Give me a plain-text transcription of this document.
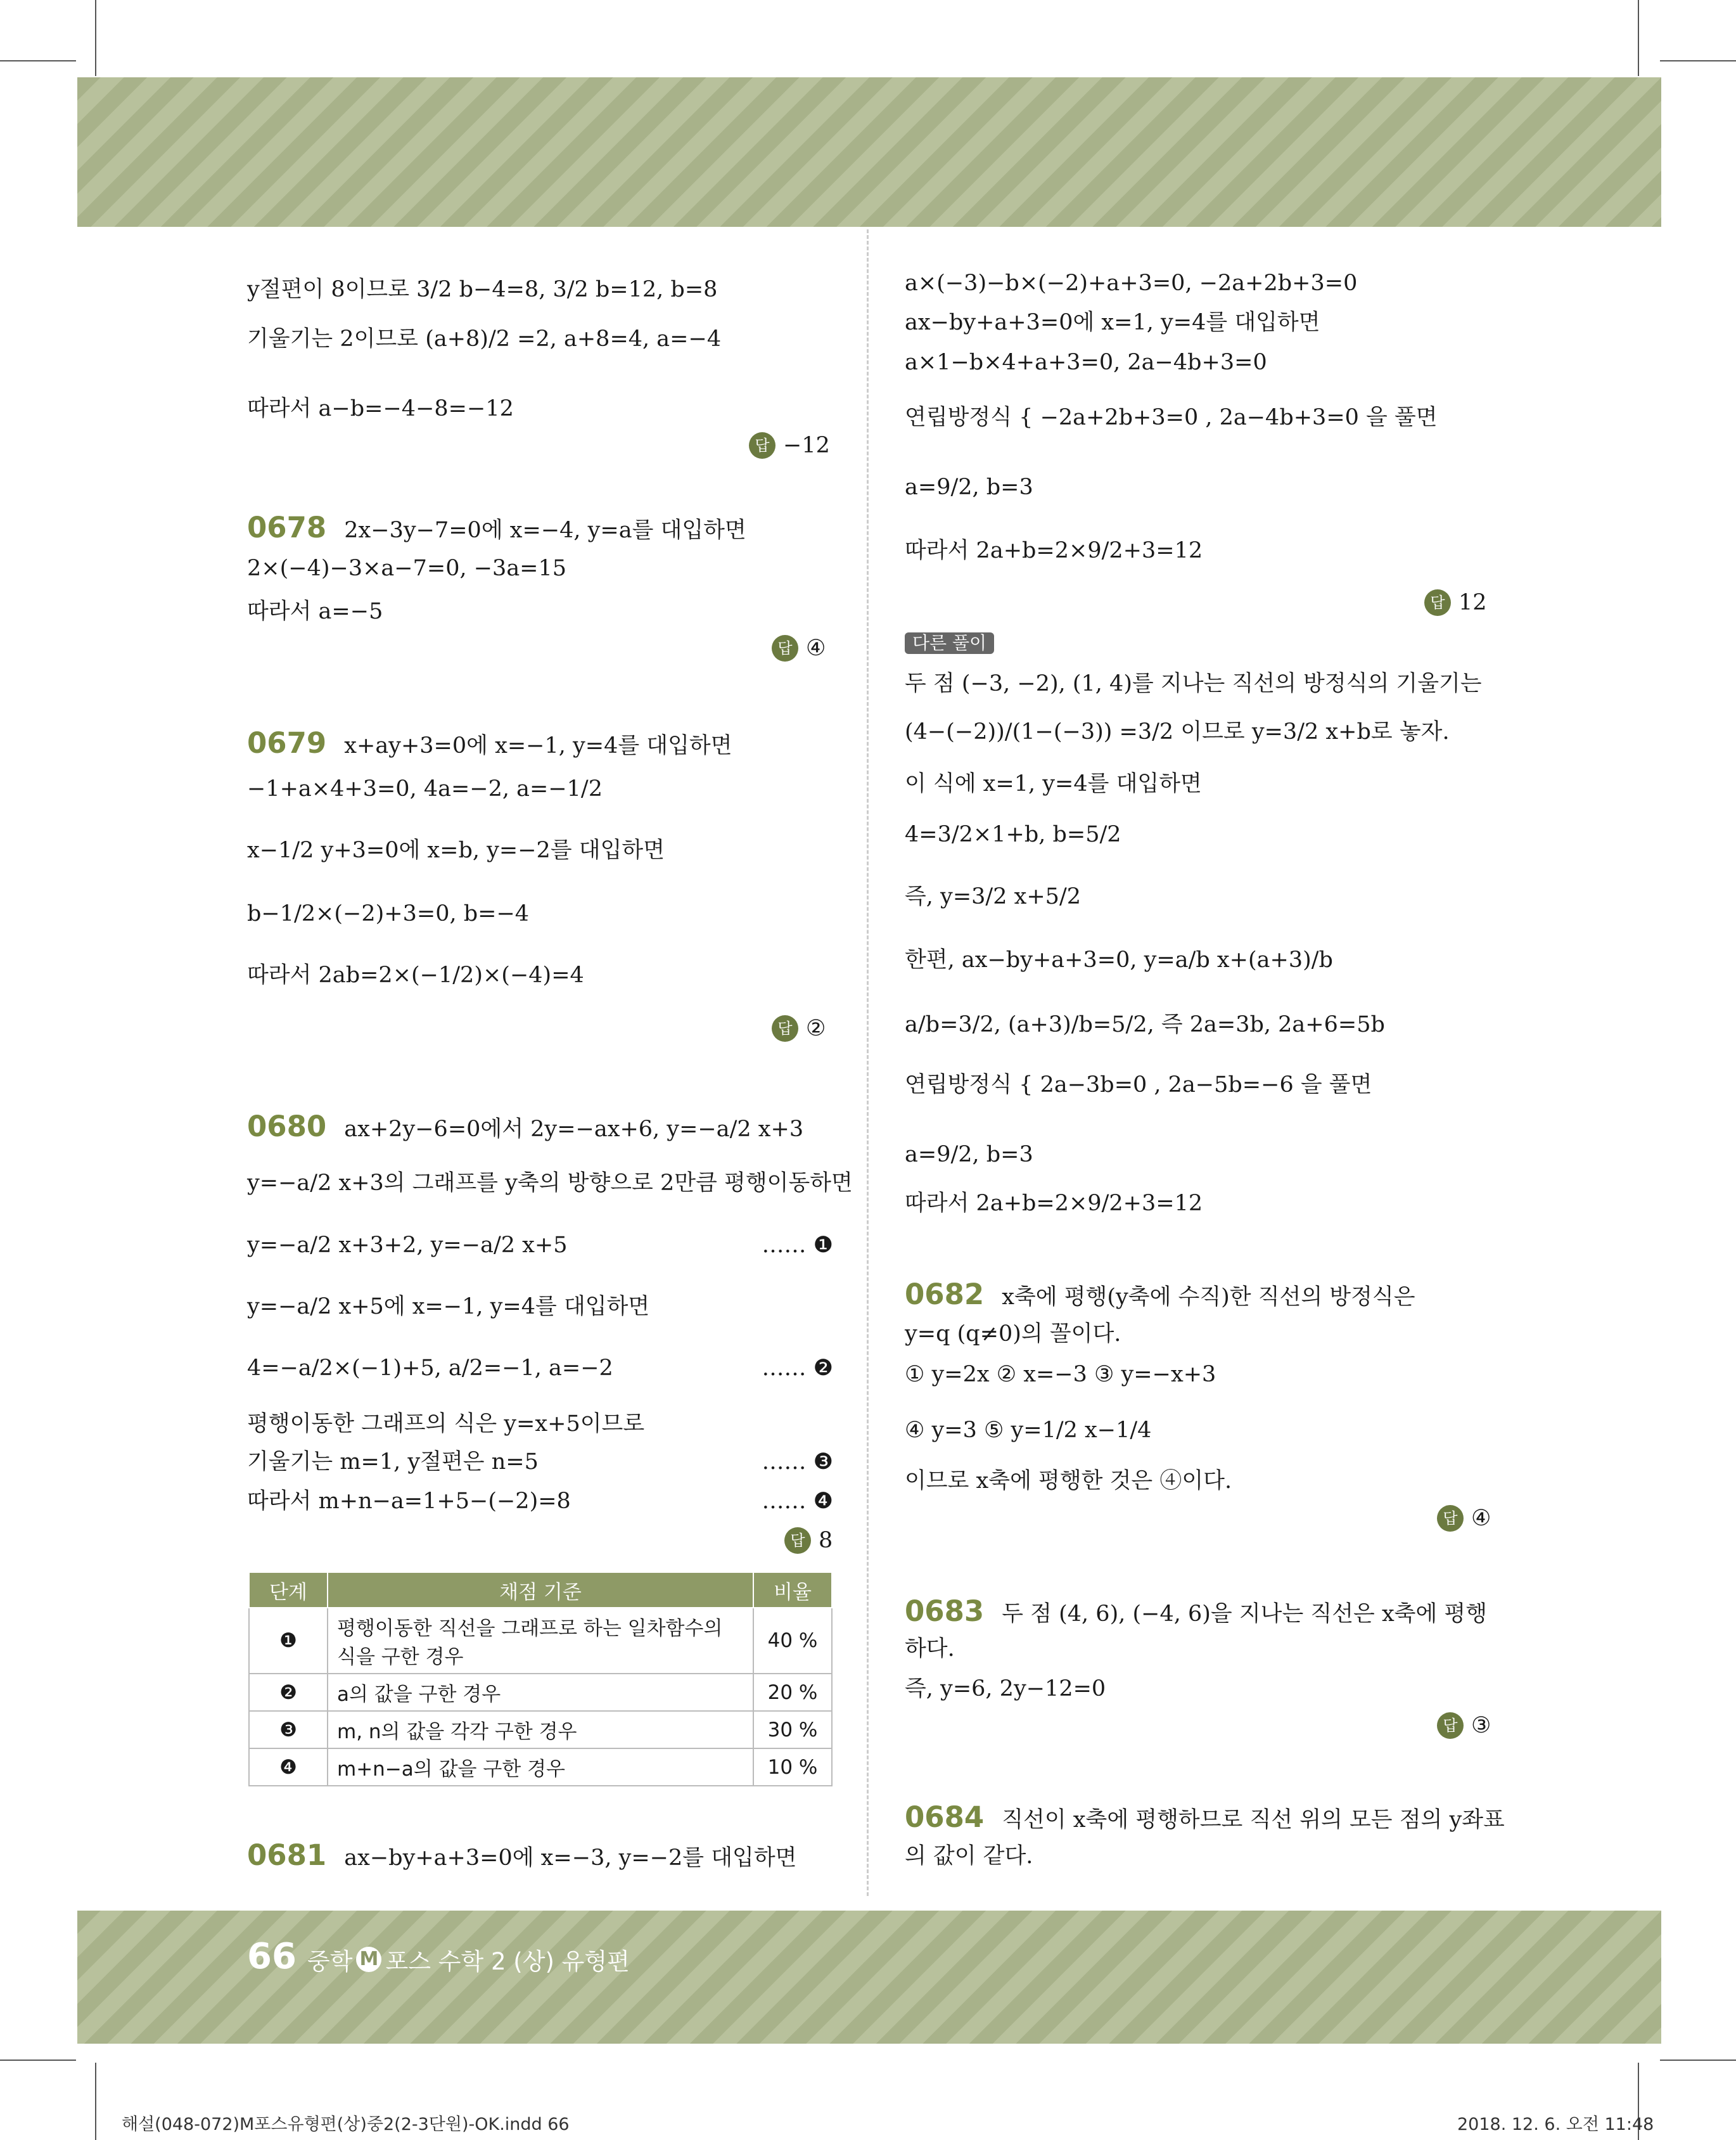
66 중학 M 포스 수학 2 (상) 유형편
y절편이 8이므로 3/2 b−4=8, 3/2 b=12, b=8
기울기는 2이므로 (a+8)/2 =2, a+8=4, a=−4
따라서 a−b=−4−8=−12
답 −12
0678 2x−3y−7=0에 x=−4, y=a를 대입하면
2×(−4)−3×a−7=0, −3a=15
따라서 a=−5
답 ④
0679 x+ay+3=0에 x=−1, y=4를 대입하면
−1+a×4+3=0, 4a=−2, a=−1/2
x−1/2 y+3=0에 x=b, y=−2를 대입하면
b−1/2×(−2)+3=0, b=−4
따라서 2ab=2×(−1/2)×(−4)=4
답 ②
0680 ax+2y−6=0에서 2y=−ax+6, y=−a/2 x+3
y=−a/2 x+3의 그래프를 y축의 방향으로 2만큼 평행이동하면
y=−a/2 x+3+2, y=−a/2 x+5	…… ❶
y=−a/2 x+5에 x=−1, y=4를 대입하면
4=−a/2×(−1)+5, a/2=−1, a=−2	…… ❷
평행이동한 그래프의 식은 y=x+5이므로
기울기는 m=1, y절편은 n=5	…… ❸
따라서 m+n−a=1+5−(−2)=8	…… ❹
답 8
0681 ax−by+a+3=0에 x=−3, y=−2를 대입하면
단계	채점 기준	비율
❶	평행이동한 직선을 그래프로 하는 일차함수의 식을 구한 경우	40 %
❷	a의 값을 구한 경우	20 %
❸	m, n의 값을 각각 구한 경우	30 %
❹	m+n−a의 값을 구한 경우	10 %
a×(−3)−b×(−2)+a+3=0, −2a+2b+3=0
ax−by+a+3=0에 x=1, y=4를 대입하면
a×1−b×4+a+3=0, 2a−4b+3=0
연립방정식 { −2a+2b+3=0 , 2a−4b+3=0 을 풀면
a=9/2, b=3
따라서 2a+b=2×9/2+3=12
답 12
다른 풀이
두 점 (−3, −2), (1, 4)를 지나는 직선의 방정식의 기울기는
(4−(−2))/(1−(−3)) =3/2 이므로 y=3/2 x+b로 놓자.
이 식에 x=1, y=4를 대입하면
4=3/2×1+b, b=5/2
즉, y=3/2 x+5/2
한편, ax−by+a+3=0, y=a/b x+(a+3)/b
a/b=3/2, (a+3)/b=5/2, 즉 2a=3b, 2a+6=5b
연립방정식 { 2a−3b=0 , 2a−5b=−6 을 풀면
a=9/2, b=3
따라서 2a+b=2×9/2+3=12
0682 x축에 평행(y축에 수직)한 직선의 방정식은
y=q (q≠0)의 꼴이다.
① y=2x ② x=−3 ③ y=−x+3
④ y=3 ⑤ y=1/2 x−1/4
이므로 x축에 평행한 것은 ④이다.
답 ④
0683 두 점 (4, 6), (−4, 6)을 지나는 직선은 x축에 평행
하다.
즉, y=6, 2y−12=0
답 ③
0684 직선이 x축에 평행하므로 직선 위의 모든 점의 y좌표
의 값이 같다.
해설(048-072)M포스유형편(상)중2(2-3단원)-OK.indd 66	2018. 12. 6. 오전 11:48
